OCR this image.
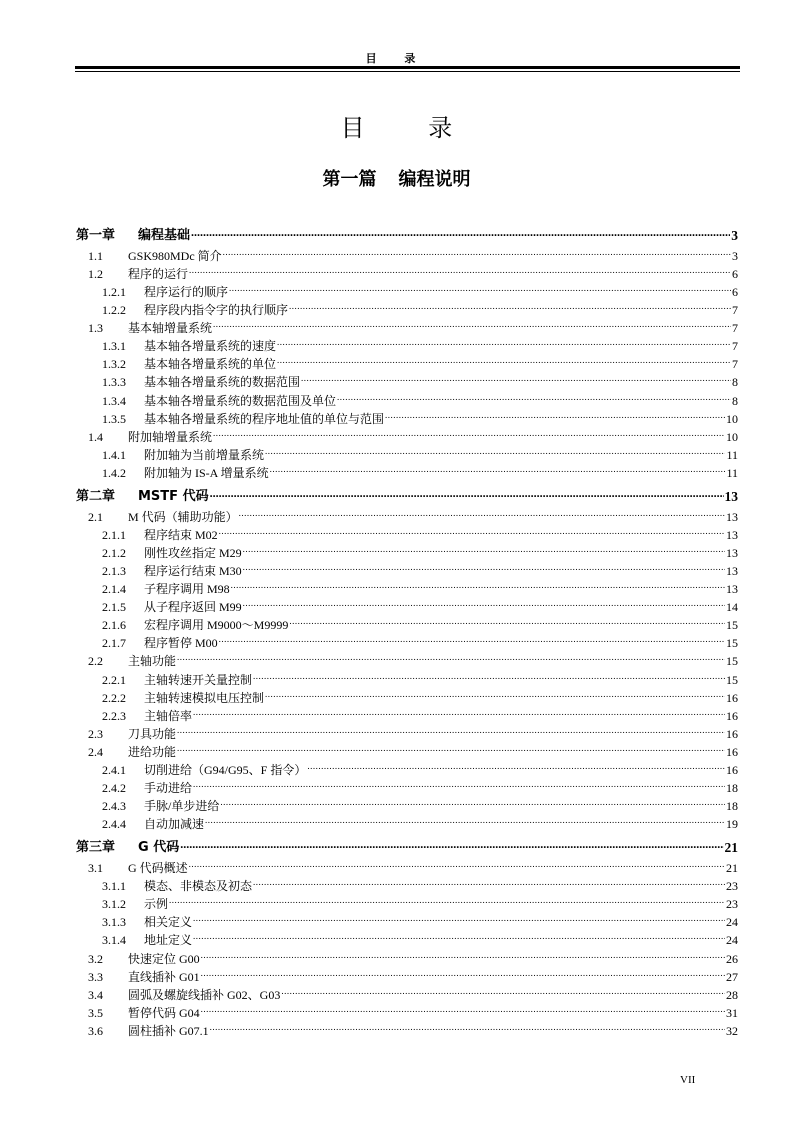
目 录
目 录
第一篇 编程说明
第一章	编程基础 .....	3
1.1	GSK980MDc 简介 .....	3
1.2	程序的运行 .....	6
1.2.1	程序运行的顺序 .....	6
1.2.2	程序段内指令字的执行顺序 .....	7
1.3	基本轴增量系统 .....	7
1.3.1	基本轴各增量系统的速度 .....	7
1.3.2	基本轴各增量系统的单位 .....	7
1.3.3	基本轴各增量系统的数据范围 .....	8
1.3.4	基本轴各增量系统的数据范围及单位 .....	8
1.3.5	基本轴各增量系统的程序地址值的单位与范围 .....	10
1.4	附加轴增量系统 .....	10
1.4.1	附加轴为当前增量系统 .....	11
1.4.2	附加轴为 IS-A 增量系统 .....	11
第二章	MSTF 代码 .....	13
2.1	M 代码（辅助功能） .....	13
2.1.1	程序结束 M02 .....	13
2.1.2	刚性攻丝指定 M29 .....	13
2.1.3	程序运行结束 M30 .....	13
2.1.4	子程序调用 M98 .....	13
2.1.5	从子程序返回 M99 .....	14
2.1.6	宏程序调用 M9000～M9999 .....	15
2.1.7	程序暂停 M00 .....	15
2.2	主轴功能 .....	15
2.2.1	主轴转速开关量控制 .....	15
2.2.2	主轴转速模拟电压控制 .....	16
2.2.3	主轴倍率 .....	16
2.3	刀具功能 .....	16
2.4	进给功能 .....	16
2.4.1	切削进给（G94/G95、F 指令） .....	16
2.4.2	手动进给 .....	18
2.4.3	手脉/单步进给 .....	18
2.4.4	自动加减速 .....	19
第三章	G 代码 .....	21
3.1	G 代码概述 .....	21
3.1.1	模态、非模态及初态 .....	23
3.1.2	示例 .....	23
3.1.3	相关定义 .....	24
3.1.4	地址定义 .....	24
3.2	快速定位 G00 .....	26
3.3	直线插补 G01 .....	27
3.4	圆弧及螺旋线插补 G02、G03 .....	28
3.5	暂停代码 G04 .....	31
3.6	圆柱插补 G07.1 .....	32
VII
